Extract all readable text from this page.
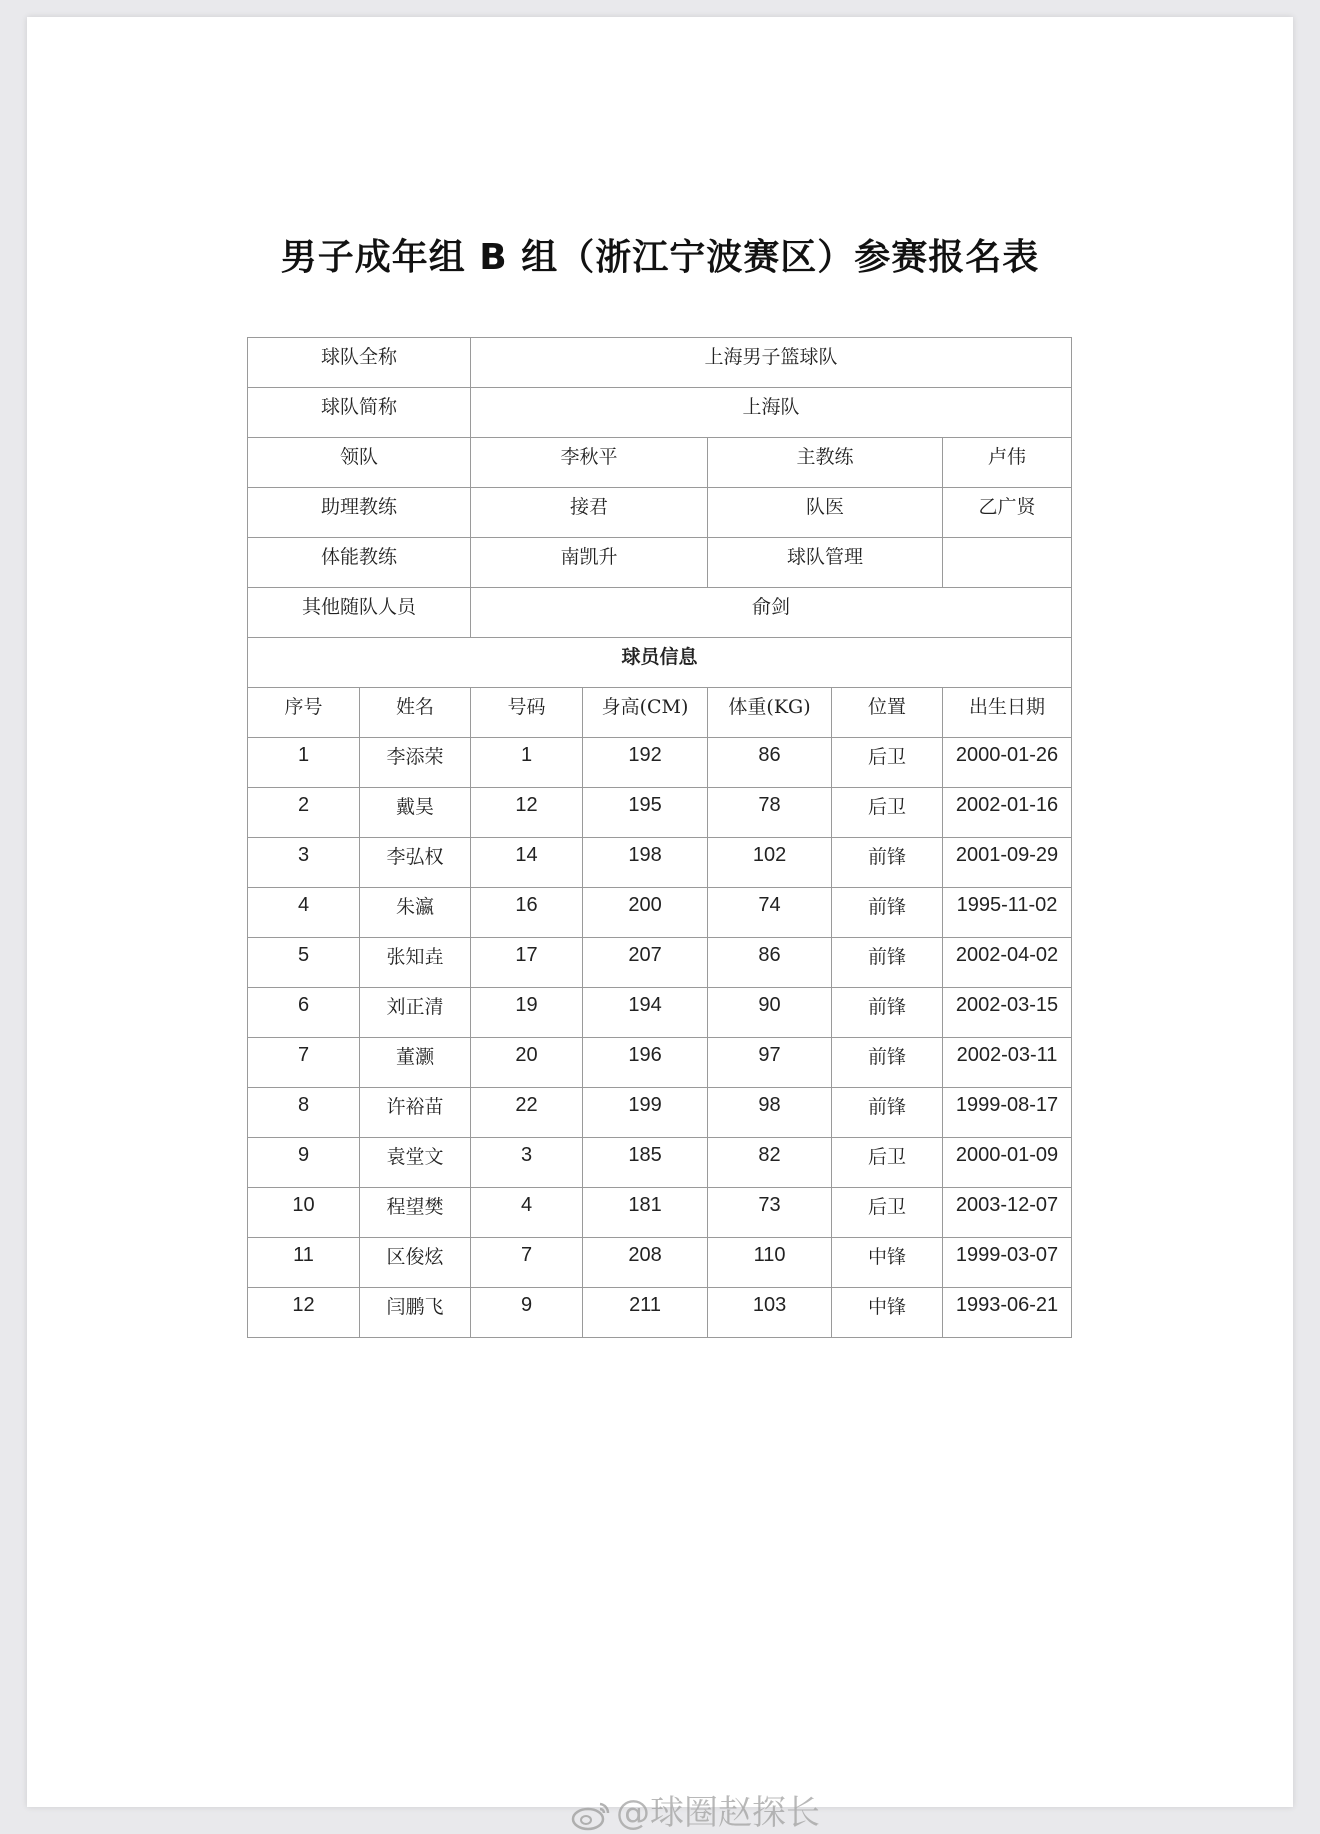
男子成年组 B 组（浙江宁波赛区）参赛报名表
球队全称		上海男子篮球队				
球队简称		上海队				
领队		李秋平		主教练		卢伟
助理教练		接君		队医		乙广贤
体能教练		南凯升		球队管理		
其他随队人员		俞剑				
球员信息						
序号	姓名	号码	身高(CM)	体重(KG)	位置	出生日期
1	李添荣	1	192	86	后卫	2000-01-26
2	戴昊	12	195	78	后卫	2002-01-16
3	李弘权	14	198	102	前锋	2001-09-29
4	朱瀛	16	200	74	前锋	1995-11-02
5	张知垚	17	207	86	前锋	2002-04-02
6	刘正清	19	194	90	前锋	2002-03-15
7	董灏	20	196	97	前锋	2002-03-11
8	许裕苗	22	199	98	前锋	1999-08-17
9	袁堂文	3	185	82	后卫	2000-01-09
10	程望樊	4	181	73	后卫	2003-12-07
11	区俊炫	7	208	110	中锋	1999-03-07
12	闫鹏飞	9	211	103	中锋	1993-06-21
@球圈赵探长
